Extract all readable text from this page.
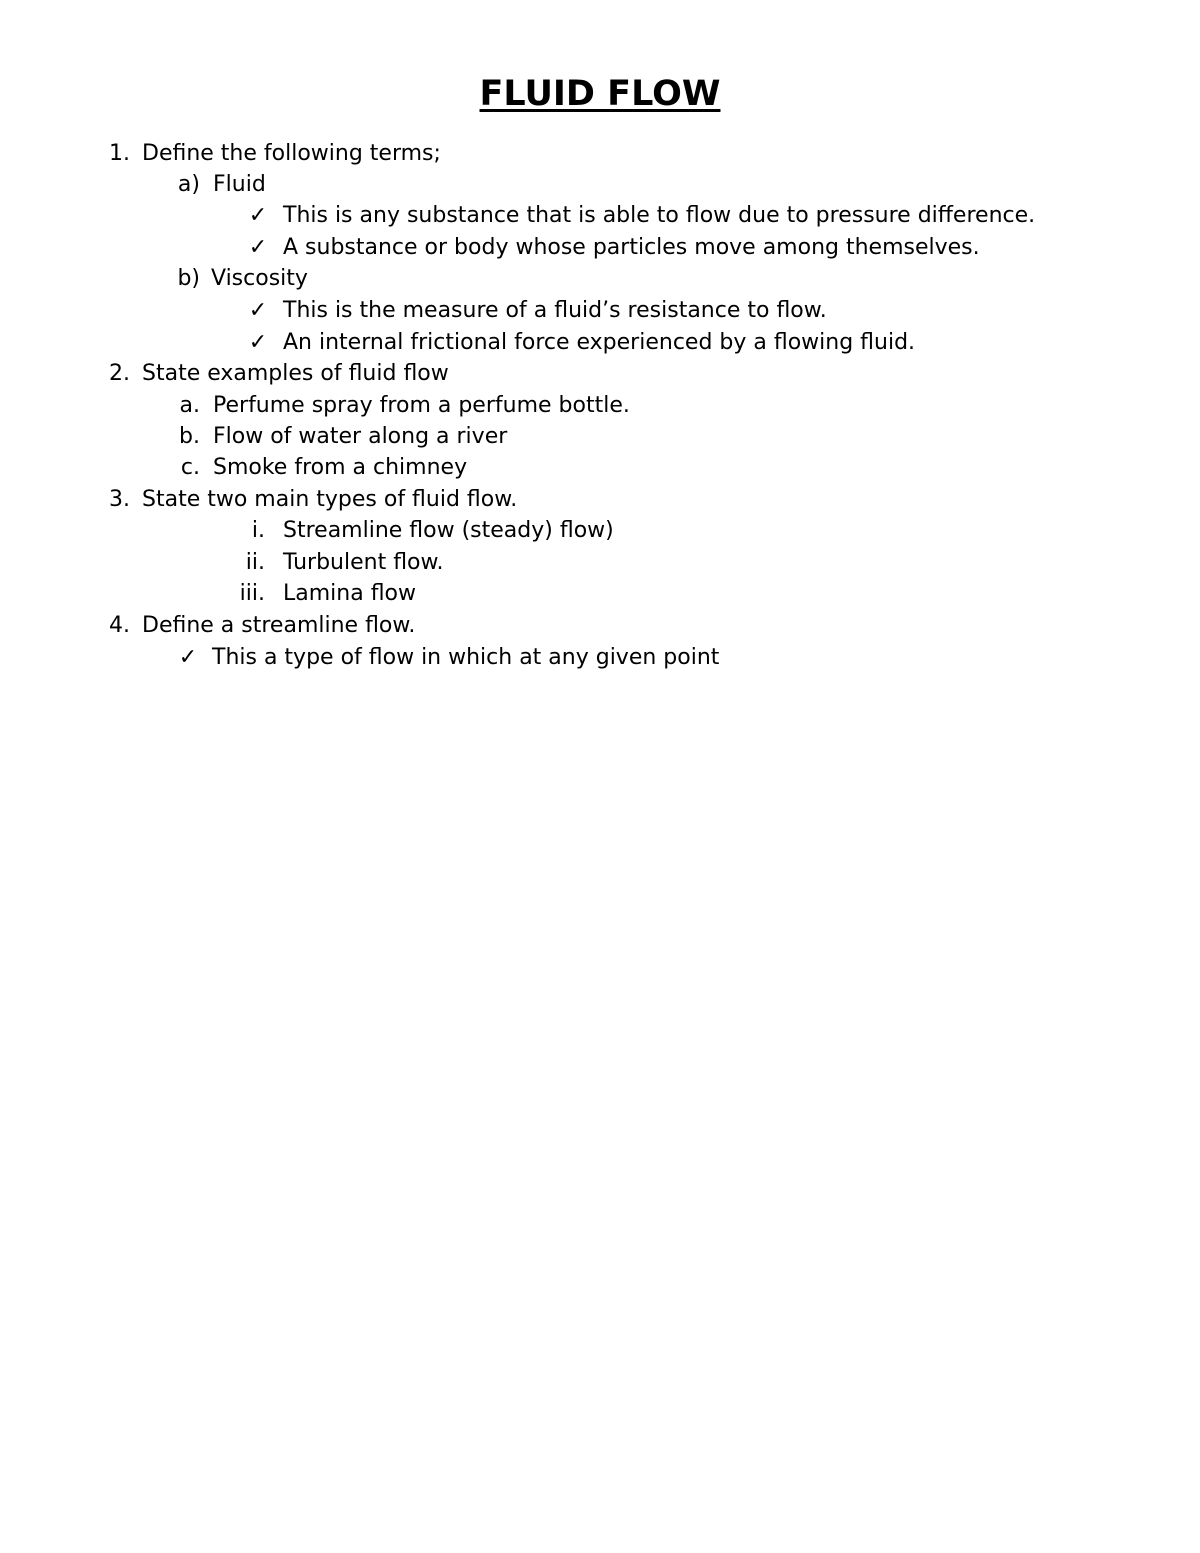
FLUID FLOW
1. Define the following terms;
a) Fluid
✓ This is any substance that is able to flow due to pressure difference.
✓ A substance or body whose particles move among themselves.
b) Viscosity
✓ This is the measure of a fluid’s resistance to flow.
✓ An internal frictional force experienced by a flowing fluid.
2. State examples of fluid flow
a. Perfume spray from a perfume bottle.
b. Flow of water along a river
c. Smoke from a chimney
3. State two main types of fluid flow.
i. Streamline flow (steady) flow)
ii. Turbulent flow.
iii. Lamina flow
4. Define a streamline flow.
✓ This a type of flow in which at any given point
